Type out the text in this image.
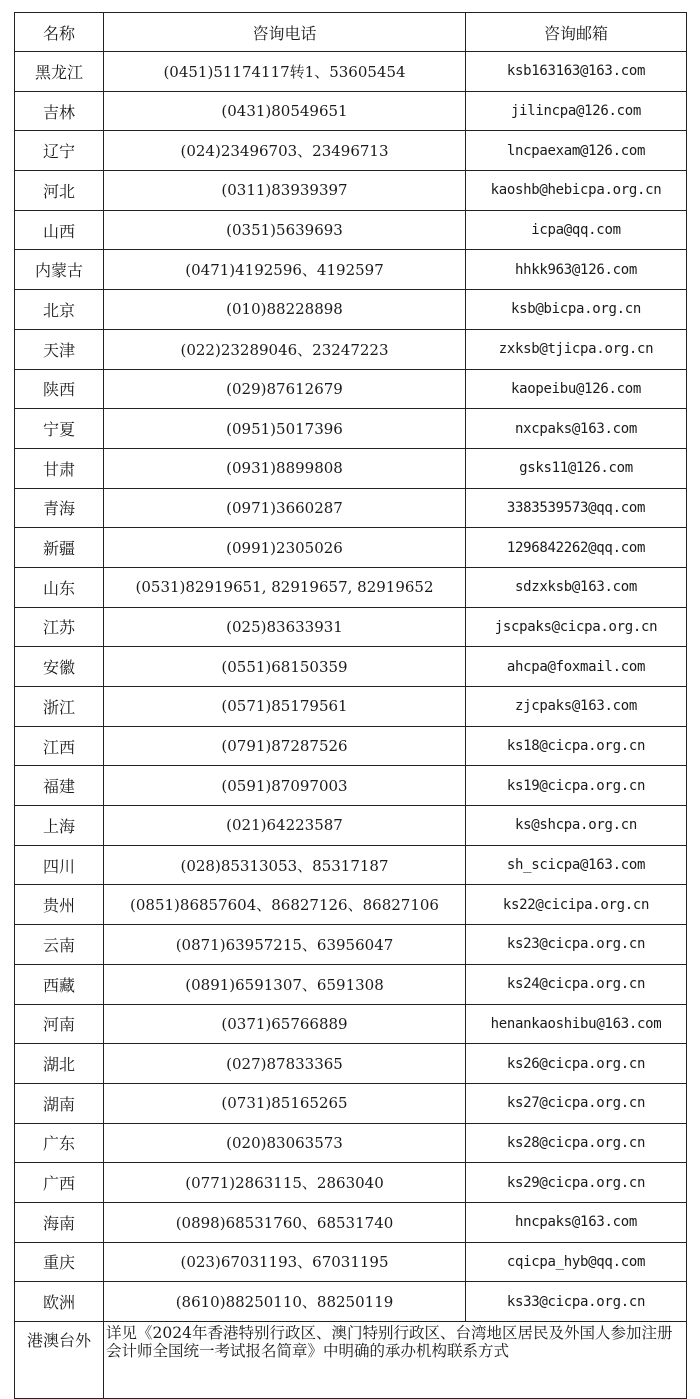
名称	咨询电话	咨询邮箱
黑龙江	(0451)51174117转1、53605454	ksb163163@163.com
吉林	(0431)80549651	jilincpa@126.com
辽宁	(024)23496703、23496713	lncpaexam@126.com
河北	(0311)83939397	kaoshb@hebicpa.org.cn
山西	(0351)5639693	icpa@qq.com
内蒙古	(0471)4192596、4192597	hhkk963@126.com
北京	(010)88228898	ksb@bicpa.org.cn
天津	(022)23289046、23247223	zxksb@tjicpa.org.cn
陕西	(029)87612679	kaopeibu@126.com
宁夏	(0951)5017396	nxcpaks@163.com
甘肃	(0931)8899808	gsks11@126.com
青海	(0971)3660287	3383539573@qq.com
新疆	(0991)2305026	1296842262@qq.com
山东	(0531)82919651, 82919657, 82919652	sdzxksb@163.com
江苏	(025)83633931	jscpaks@cicpa.org.cn
安徽	(0551)68150359	ahcpa@foxmail.com
浙江	(0571)85179561	zjcpaks@163.com
江西	(0791)87287526	ks18@cicpa.org.cn
福建	(0591)87097003	ks19@cicpa.org.cn
上海	(021)64223587	ks@shcpa.org.cn
四川	(028)85313053、85317187	sh_scicpa@163.com
贵州	(0851)86857604、86827126、86827106	ks22@cicipa.org.cn
云南	(0871)63957215、63956047	ks23@cicpa.org.cn
西藏	(0891)6591307、6591308	ks24@cicpa.org.cn
河南	(0371)65766889	henankaoshibu@163.com
湖北	(027)87833365	ks26@cicpa.org.cn
湖南	(0731)85165265	ks27@cicpa.org.cn
广东	(020)83063573	ks28@cicpa.org.cn
广西	(0771)2863115、2863040	ks29@cicpa.org.cn
海南	(0898)68531760、68531740	hncpaks@163.com
重庆	(023)67031193、67031195	cqicpa_hyb@qq.com
欧洲	(8610)88250110、88250119	ks33@cicpa.org.cn
港澳台外	详见《2024年香港特别行政区、澳门特别行政区、台湾地区居民及外国人参加注册会计师全国统一考试报名简章》中明确的承办机构联系方式	
